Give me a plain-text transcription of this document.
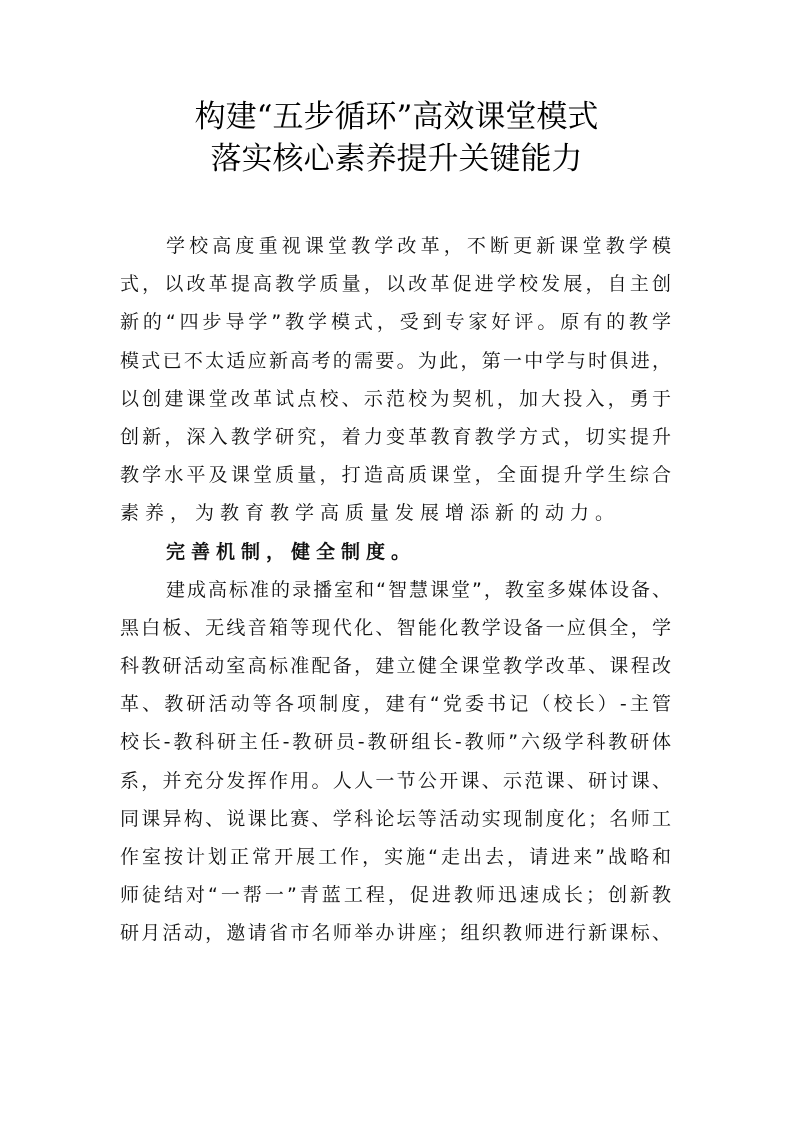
构建“五步循环”高效课堂模式
落实核心素养提升关键能力
学校高度重视课堂教学改革，不断更新课堂教学模
式，以改革提高教学质量，以改革促进学校发展，自主创
新的“四步导学”教学模式，受到专家好评。原有的教学
模式已不太适应新高考的需要。为此，第一中学与时俱进，
以创建课堂改革试点校、示范校为契机，加大投入，勇于
创新，深入教学研究，着力变革教育教学方式，切实提升
教学水平及课堂质量，打造高质课堂，全面提升学生综合
素养，为教育教学高质量发展增添新的动力。
完善机制，健全制度。
建成高标准的录播室和“智慧课堂”，教室多媒体设备、
黑白板、无线音箱等现代化、智能化教学设备一应俱全，学
科教研活动室高标准配备，建立健全课堂教学改革、课程改
革、教研活动等各项制度，建有“党委书记（校长）-主管
校长-教科研主任-教研员-教研组长-教师”六级学科教研体
系，并充分发挥作用。人人一节公开课、示范课、研讨课、
同课异构、说课比赛、学科论坛等活动实现制度化；名师工
作室按计划正常开展工作，实施“走出去，请进来”战略和
师徒结对“一帮一”青蓝工程，促进教师迅速成长；创新教
研月活动，邀请省市名师举办讲座；组织教师进行新课标、
